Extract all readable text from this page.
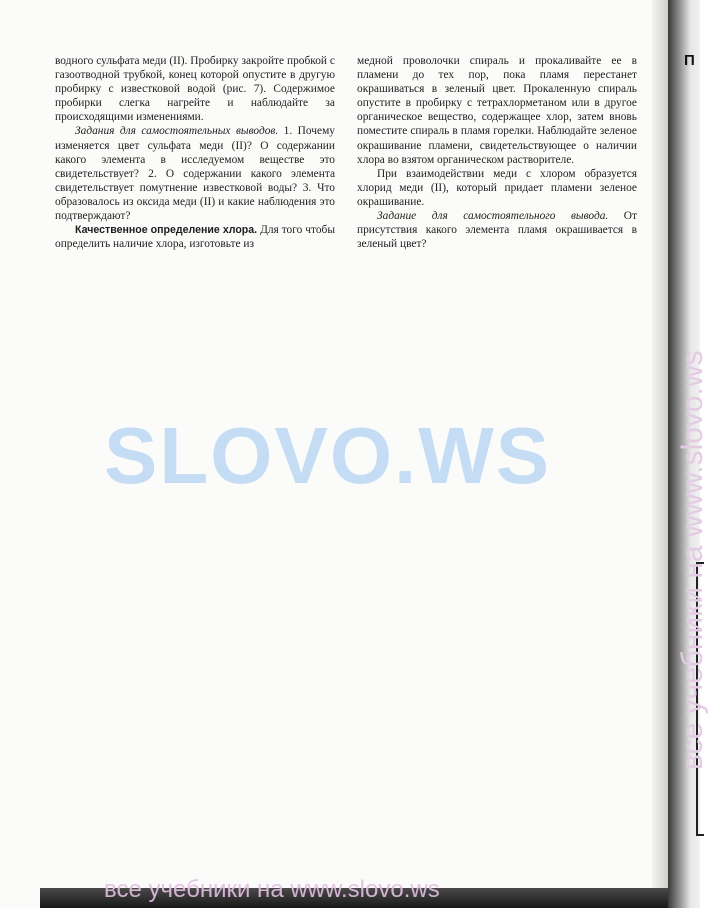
водного сульфата меди (II). Пробирку закройте пробкой с газоотводной трубкой, конец которой опустите в другую пробирку с известковой водой (рис. 7). Содержимое пробирки слегка нагрейте и наблюдайте за происходящими изменениями.

Задания для самостоятельных выводов. 1. Почему изменяется цвет сульфата меди (II)? О содержании какого элемента в исследуемом веществе это свидетельствует? 2. О содержании какого элемента свидетельствует помутнение известковой воды? 3. Что образовалось из оксида меди (II) и какие наблюдения это подтверждают?

Качественное определение хлора. Для того чтобы определить наличие хлора, изготовьте из

медной проволочки спираль и прокаливайте ее в пламени до тех пор, пока пламя перестанет окрашиваться в зеленый цвет. Прокаленную спираль опустите в пробирку с тетрахлорметаном или в другое органическое вещество, содержащее хлор, затем вновь поместите спираль в пламя горелки. Наблюдайте зеленое окрашивание пламени, свидетельствующее о наличии хлора во взятом органическом растворителе.

При взаимодействии меди с хлором образуется хлорид меди (II), который придает пламени зеленое окрашивание.

Задание для самостоятельного вывода. От присутствия какого элемента пламя окрашивается в зеленый цвет?

П
SLOVO.WS	все учебники на www.slovo.ws
все учебники на www.slovo.ws
